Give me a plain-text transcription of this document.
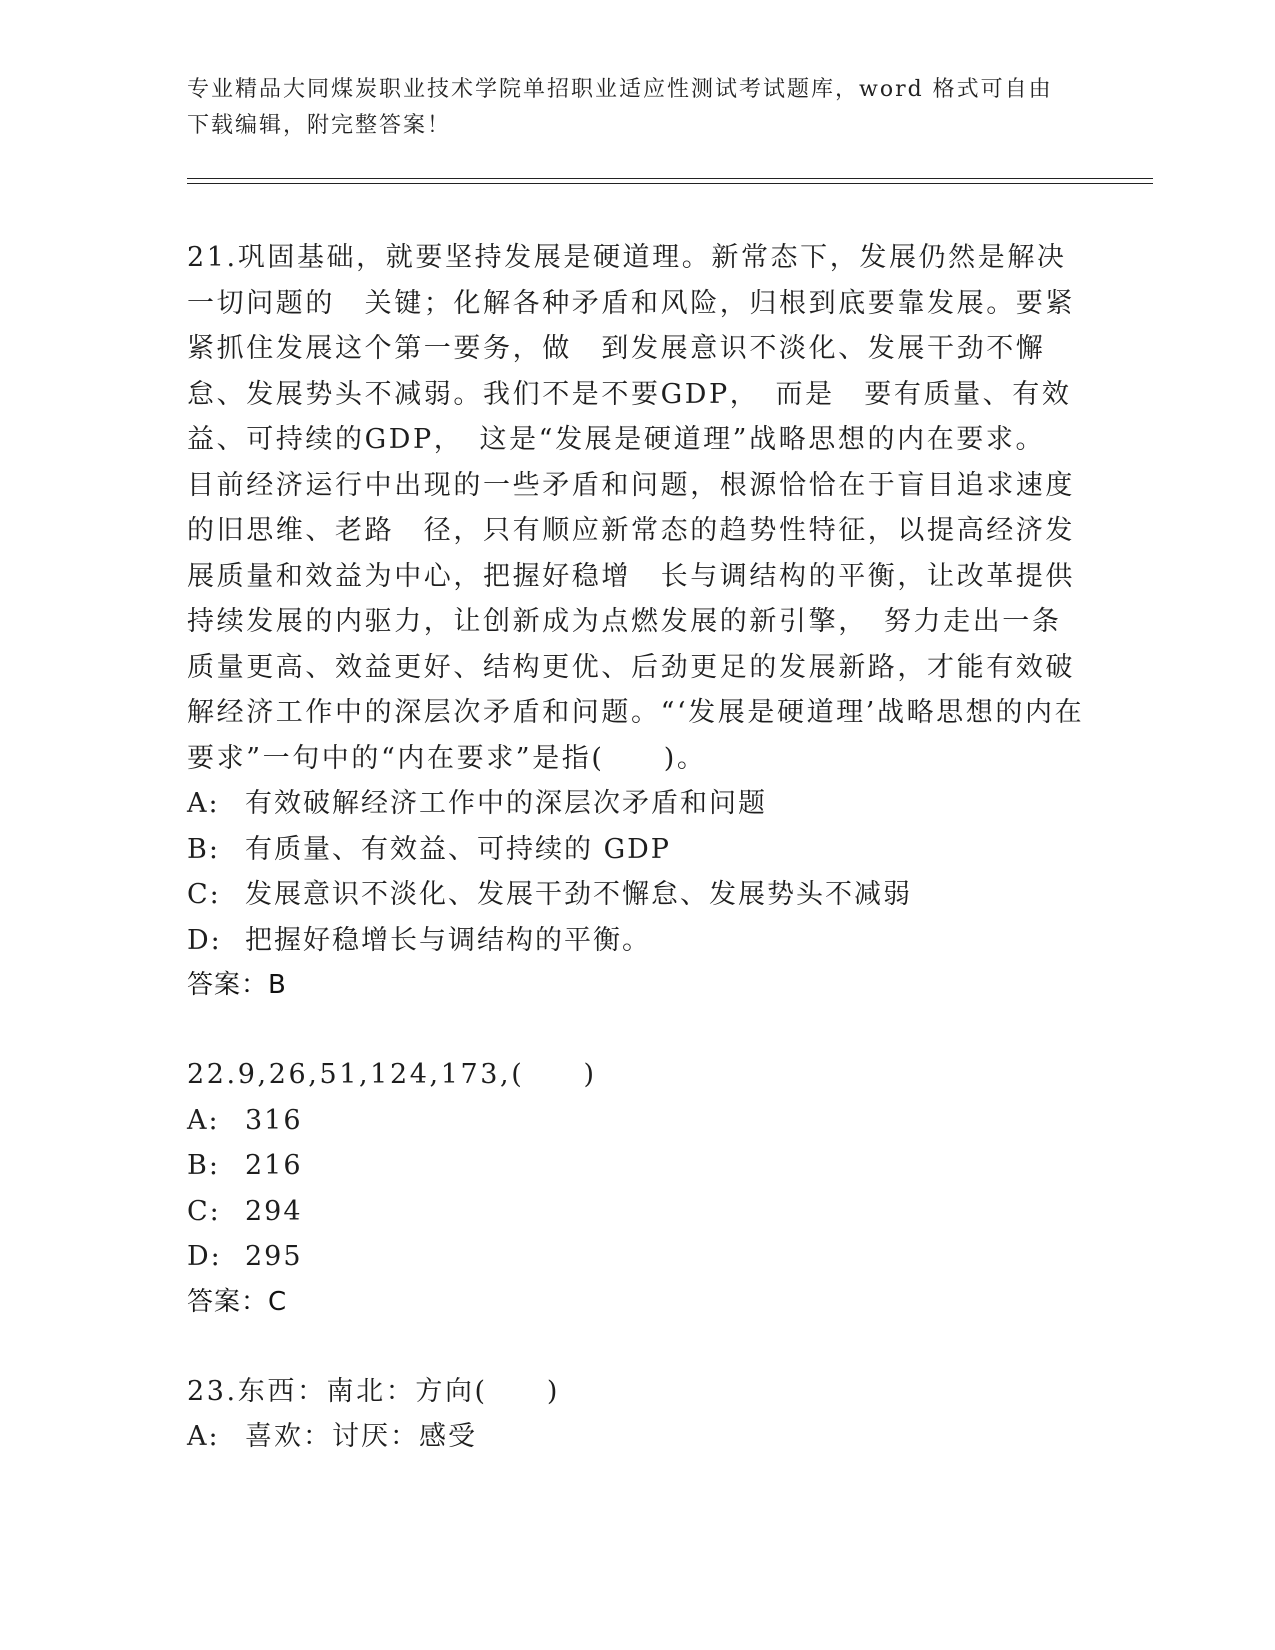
专业精品大同煤炭职业技术学院单招职业适应性测试考试题库，word 格式可自由
下载编辑，附完整答案！

21.巩固基础，就要坚持发展是硬道理。新常态下，发展仍然是解决一切问题的　关键；化解各种矛盾和风险，归根到底要靠发展。要紧紧抓住发展这个第一要务，做　到发展意识不淡化、发展干劲不懈怠、发展势头不减弱。我们不是不要GDP，　而是　要有质量、有效益、可持续的GDP，　这是“发展是硬道理”战略思想的内在要求。　目前经济运行中出现的一些矛盾和问题，根源恰恰在于盲目追求速度的旧思维、老路　径，只有顺应新常态的趋势性特征，以提高经济发展质量和效益为中心，把握好稳增　长与调结构的平衡，让改革提供持续发展的内驱力，让创新成为点燃发展的新引擎，　努力走出一条质量更高、效益更好、结构更优、后劲更足的发展新路，才能有效破解经济工作中的深层次矛盾和问题。“‘发展是硬道理’战略思想的内在要求”一句中的“内在要求”是指(　　)。

A: 有效破解经济工作中的深层次矛盾和问题

B: 有质量、有效益、可持续的 GDP

C: 发展意识不淡化、发展干劲不懈怠、发展势头不减弱

D: 把握好稳增长与调结构的平衡。

答案：B

22.9,26,51,124,173,(　　)

A: 316

B: 216

C: 294

D: 295

答案：C

23.东西：南北：方向(　　)

A: 喜欢：讨厌：感受
